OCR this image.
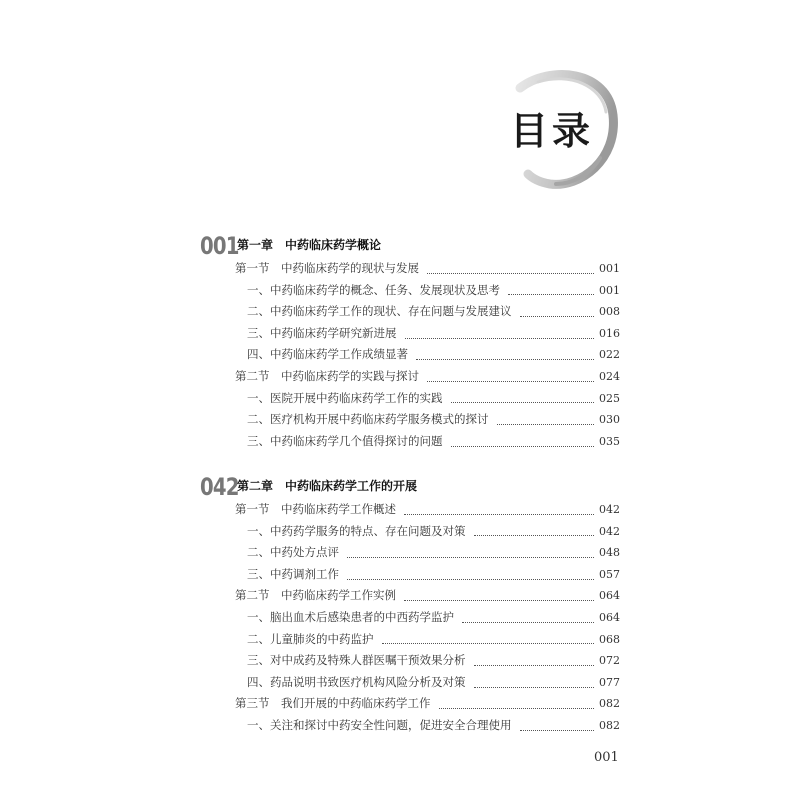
目录
001
第一章　中药临床药学概论
第一节　中药临床药学的现状与发展	001
一、中药临床药学的概念、任务、发展现状及思考	001
二、中药临床药学工作的现状、存在问题与发展建议	008
三、中药临床药学研究新进展	016
四、中药临床药学工作成绩显著	022
第二节　中药临床药学的实践与探讨	024
一、医院开展中药临床药学工作的实践	025
二、医疗机构开展中药临床药学服务模式的探讨	030
三、中药临床药学几个值得探讨的问题	035
042
第二章　中药临床药学工作的开展
第一节　中药临床药学工作概述	042
一、中药药学服务的特点、存在问题及对策	042
二、中药处方点评	048
三、中药调剂工作	057
第二节　中药临床药学工作实例	064
一、脑出血术后感染患者的中西药学监护	064
二、儿童肺炎的中药监护	068
三、对中成药及特殊人群医嘱干预效果分析	072
四、药品说明书致医疗机构风险分析及对策	077
第三节　我们开展的中药临床药学工作	082
一、关注和探讨中药安全性问题，促进安全合理使用	082
001
